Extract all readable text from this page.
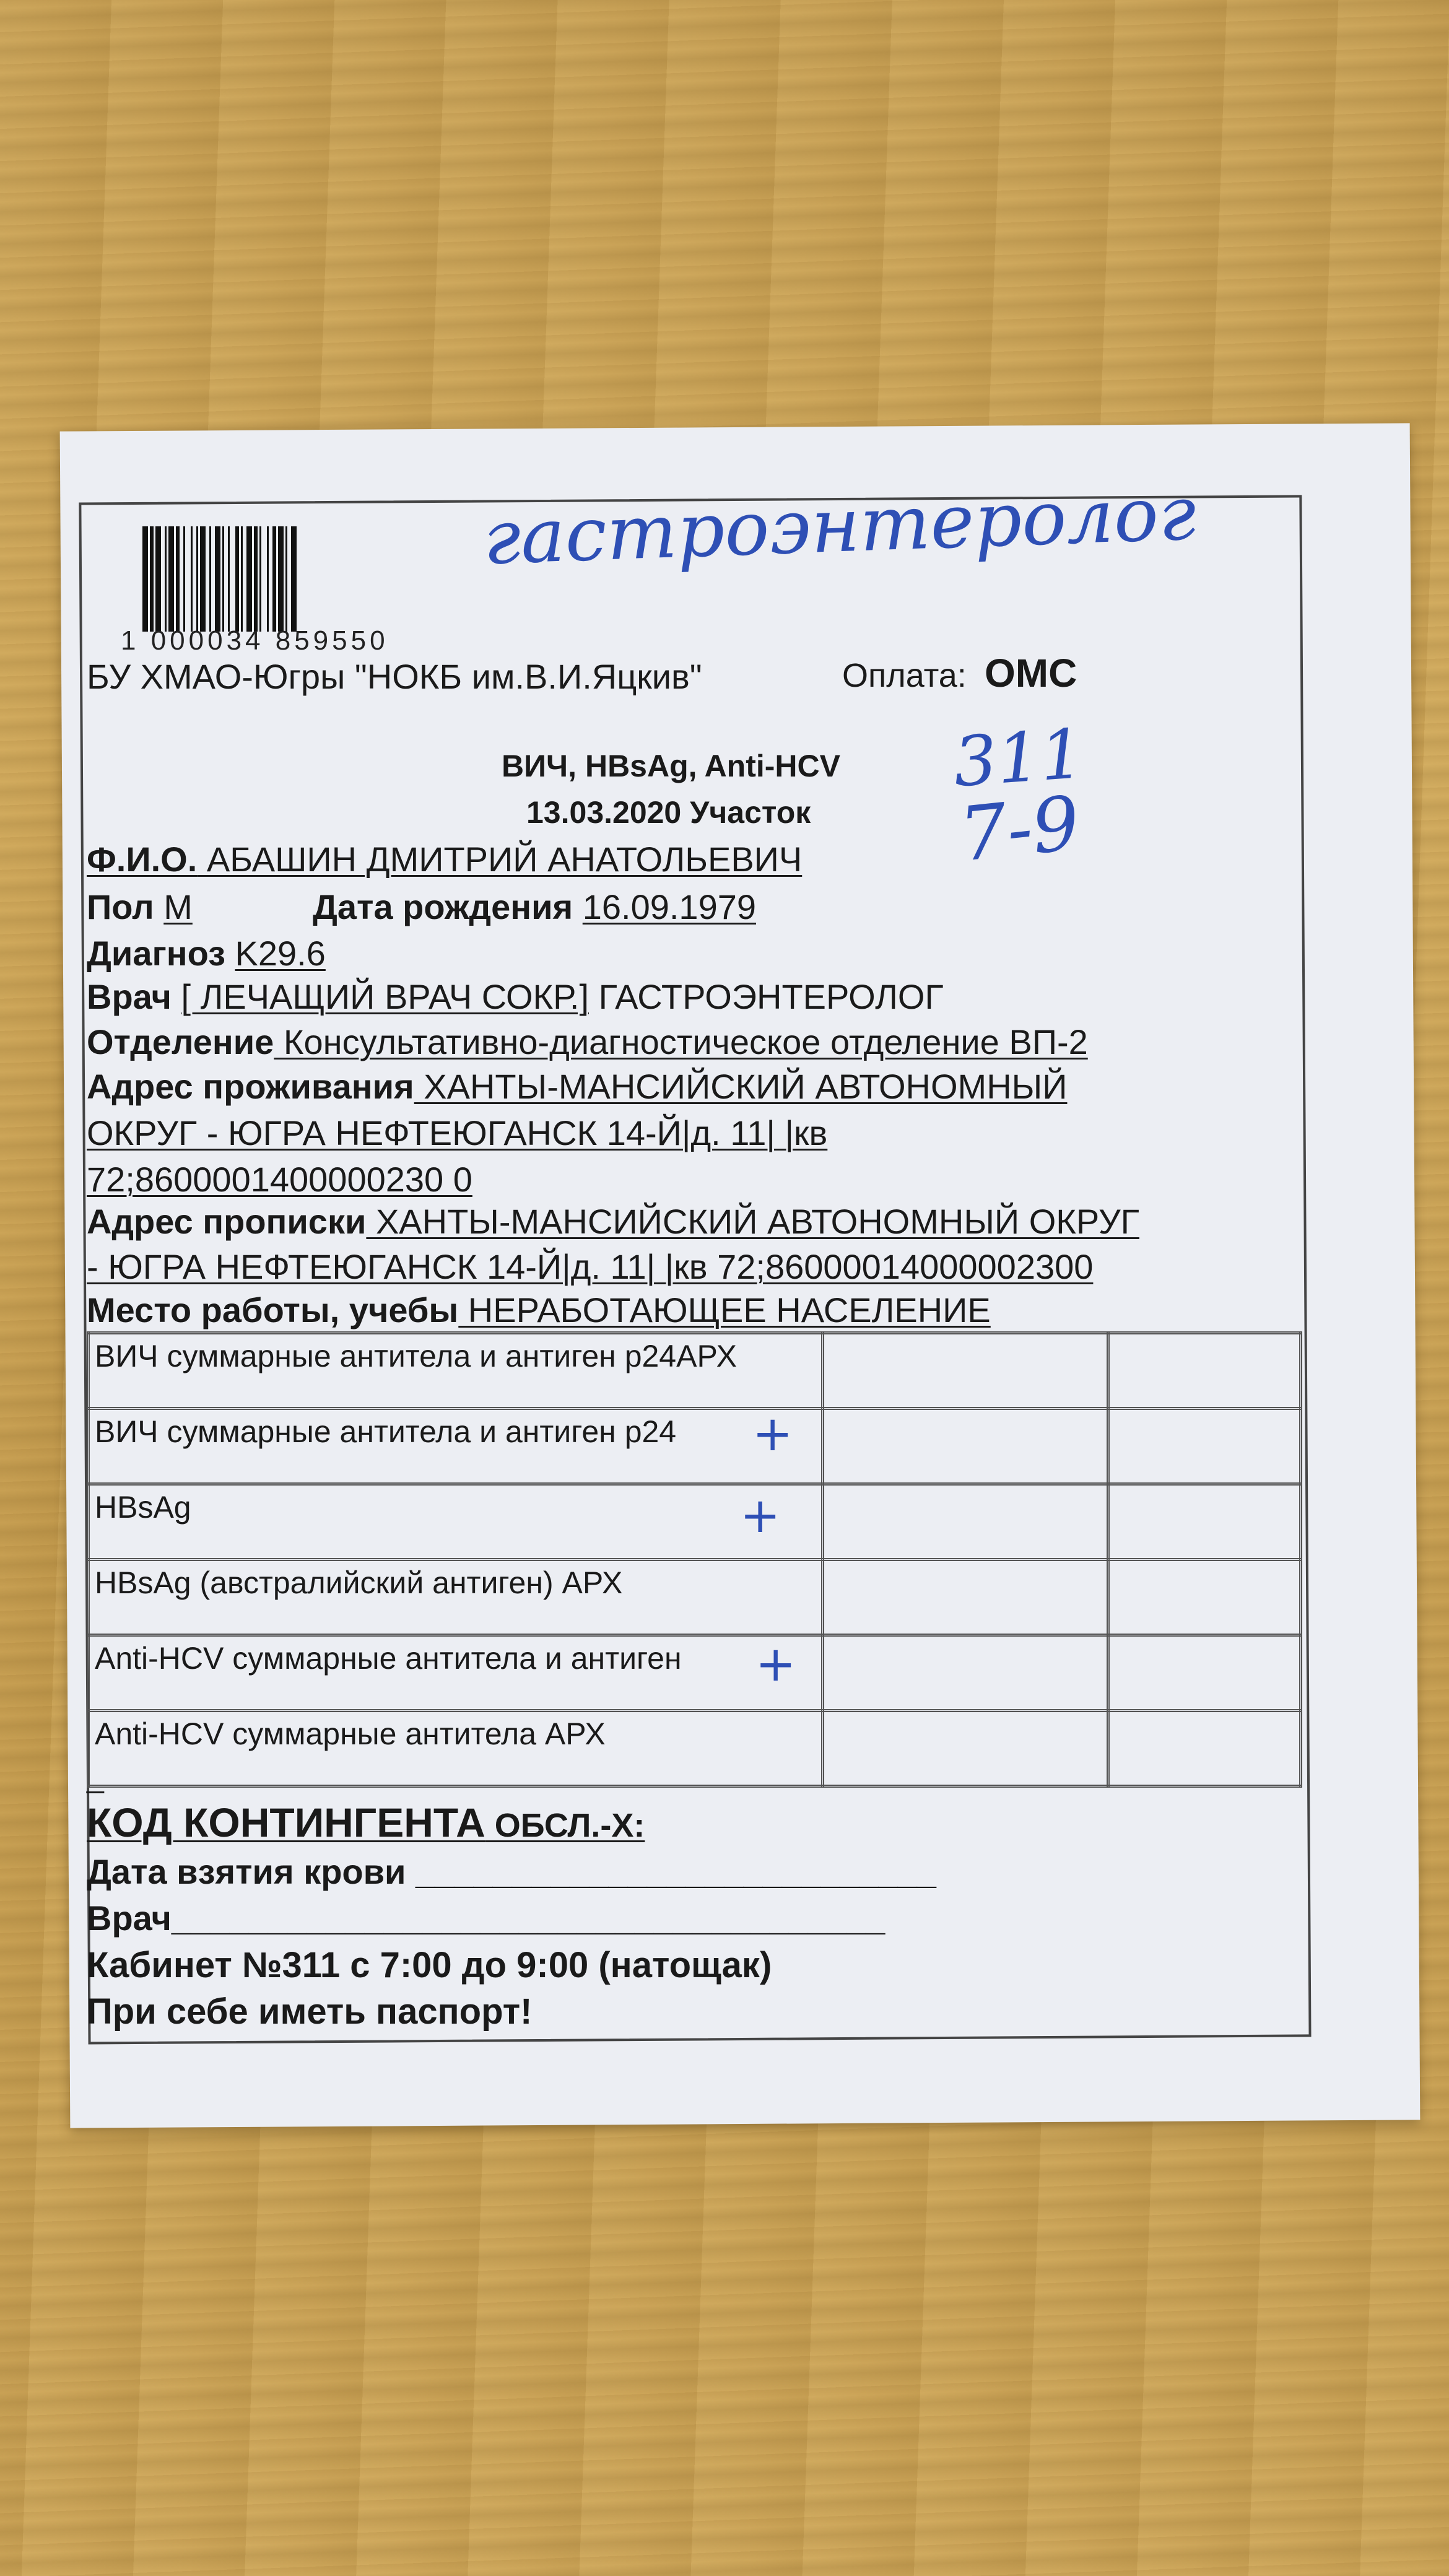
1 000034 859550
гастроэнтеролог
311
7-9
БУ ХМАО-Югры "НОКБ им.В.И.Яцкив"	Оплата: ОМС
ВИЧ, HBsAg, Anti-HCV
13.03.2020 Участок
Ф.И.О. АБАШИН ДМИТРИЙ АНАТОЛЬЕВИЧ
Пол М	Дата рождения 16.09.1979
Диагноз K29.6
Врач [ ЛЕЧАЩИЙ ВРАЧ СОКР.] ГАСТРОЭНТЕРОЛОГ
Отделение Консультативно-диагностическое отделение ВП-2
Адрес проживания ХАНТЫ-МАНСИЙСКИЙ АВТОНОМНЫЙ
ОКРУГ - ЮГРА НЕФТЕЮГАНСК 14-Й|д. 11| |кв
72;8600001400000230 0
Адрес прописки ХАНТЫ-МАНСИЙСКИЙ АВТОНОМНЫЙ ОКРУГ
- ЮГРА НЕФТЕЮГАНСК 14-Й|д. 11| |кв 72;86000014000002300
Место работы, учебы НЕРАБОТАЮЩЕЕ НАСЕЛЕНИЕ
ВИЧ суммарные антитела и антиген р24АРХ		
ВИЧ суммарные антитела и антиген р24 +		

HBsAg +		

HBsAg (австралийский антиген) АРХ		
Anti-HCV суммарные антитела и антиген +		

Anti-HCV суммарные антитела АРХ		
_
КОД КОНТИНГЕНТА ОБСЛ.-Х:
Дата взятия крови ___________________________
Врач_____________________________________
Кабинет №311 с 7:00 до 9:00 (натощак)
При себе иметь паспорт!
